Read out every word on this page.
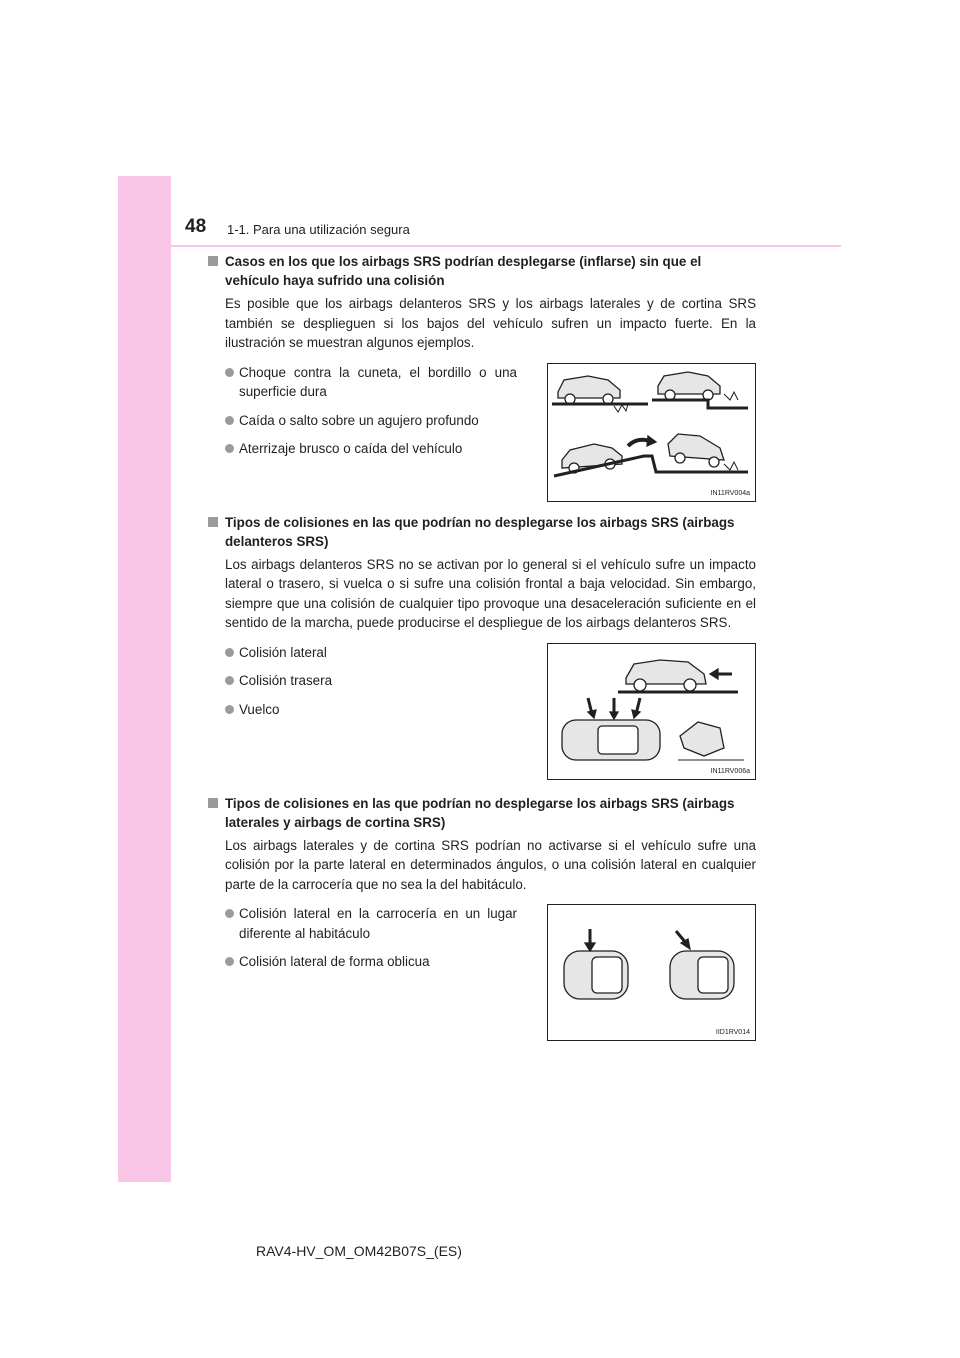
48 1-1. Para una utilización segura
Casos en los que los airbags SRS podrían desplegarse (inflarse) sin que el vehículo haya sufrido una colisión

Es posible que los airbags delanteros SRS y los airbags laterales y de cortina SRS también se desplieguen si los bajos del vehículo sufren un impacto fuerte. En la ilustración se muestran algunos ejemplos.

Choque contra la cuneta, el bordillo o una superficie dura
Caída o salto sobre un agujero profundo
Aterrizaje brusco o caída del vehículo
IN11RV004a
Tipos de colisiones en las que podrían no desplegarse los airbags SRS (airbags delanteros SRS)

Los airbags delanteros SRS no se activan por lo general si el vehículo sufre un impacto lateral o trasero, si vuelca o si sufre una colisión frontal a baja velocidad. Sin embargo, siempre que una colisión de cualquier tipo provoque una desaceleración suficiente en el sentido de la marcha, puede producirse el despliegue de los airbags delanteros SRS.

Colisión lateral
Colisión trasera
Vuelco
IN11RV006a
Tipos de colisiones en las que podrían no desplegarse los airbags SRS (airbags laterales y airbags de cortina SRS)

Los airbags laterales y de cortina SRS podrían no activarse si el vehículo sufre una colisión por la parte lateral en determinados ángulos, o una colisión lateral en cualquier parte de la carrocería que no sea la del habitáculo.

Colisión lateral en la carrocería en un lugar diferente al habitáculo
Colisión lateral de forma oblicua
IID1RV014
RAV4-HV_OM_OM42B07S_(ES)
